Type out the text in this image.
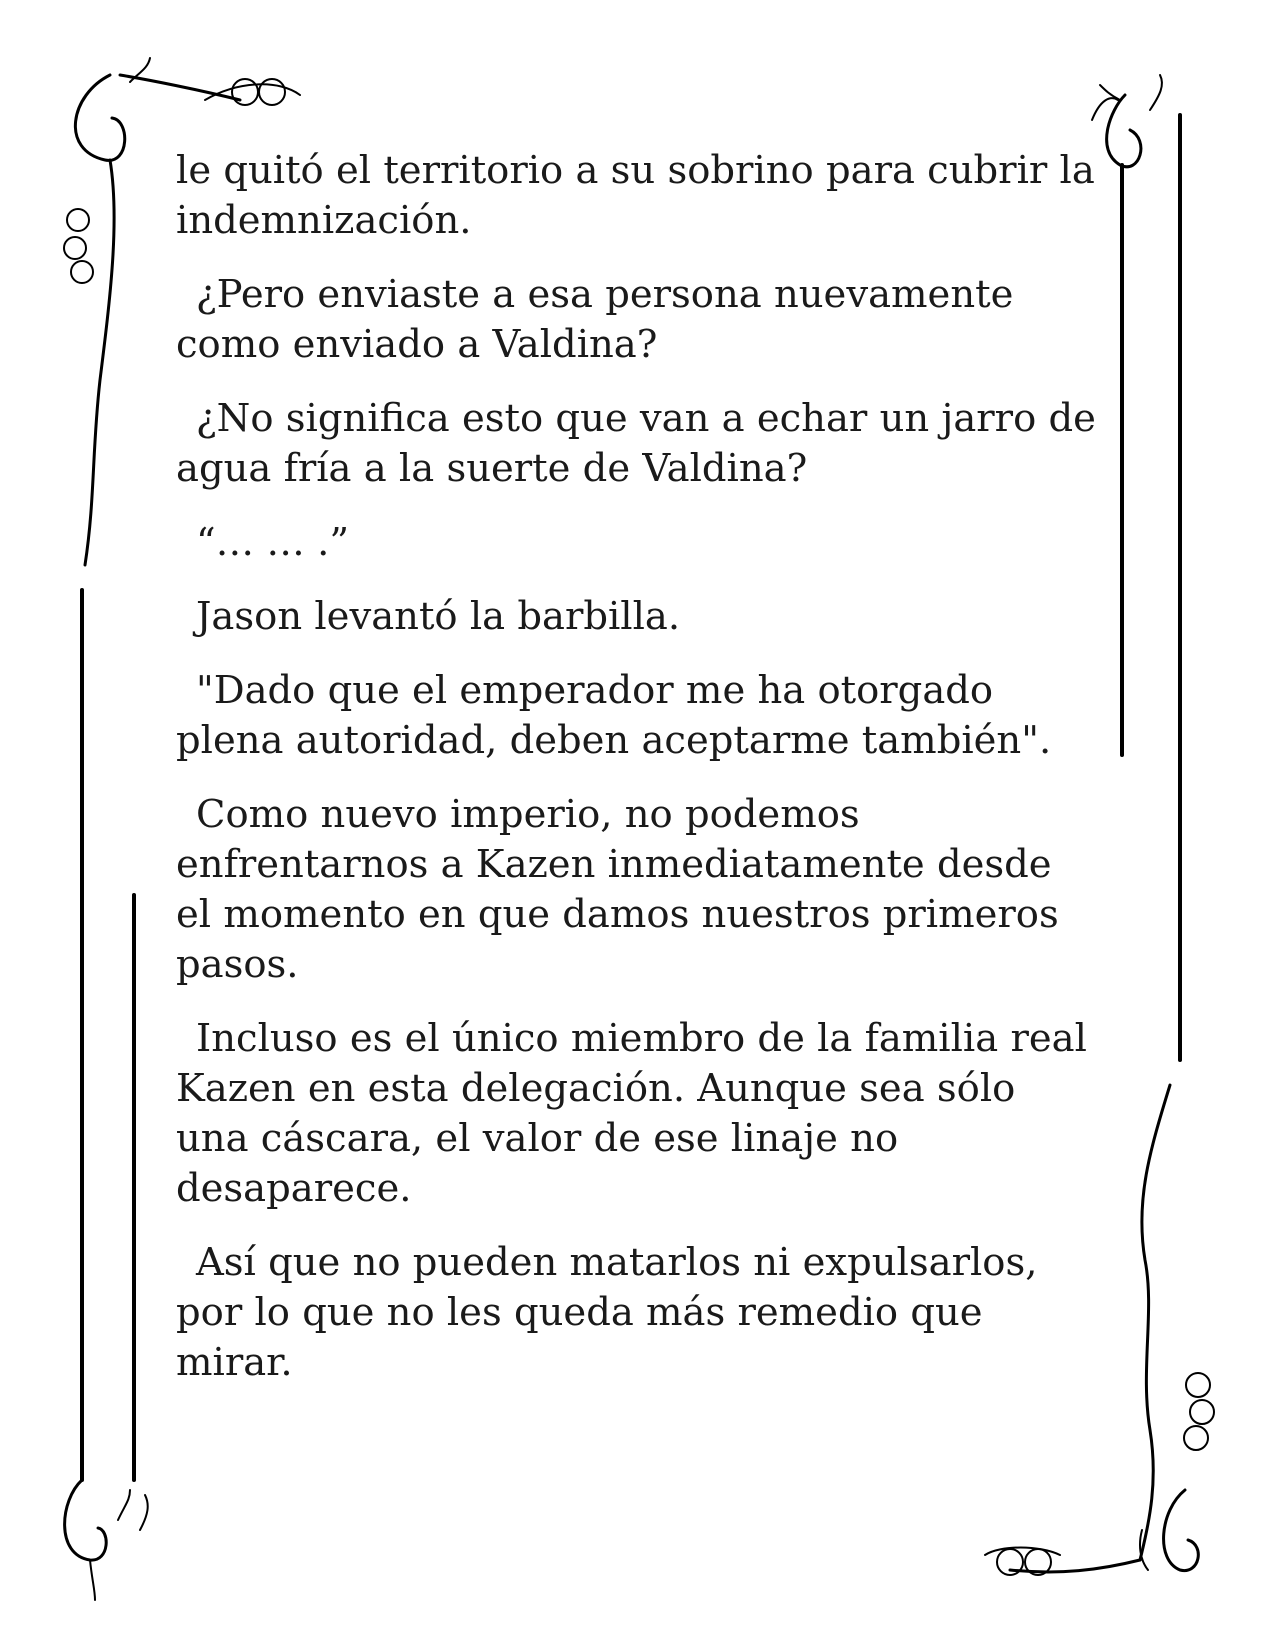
le quitó el territorio a su sobrino para cubrir la indemnización.

¿Pero enviaste a esa persona nuevamente como enviado a Valdina?

¿No significa esto que van a echar un jarro de agua fría a la suerte de Valdina?

“… … .”

Jason levantó la barbilla.

"Dado que el emperador me ha otorgado plena autoridad, deben aceptarme también".

Como nuevo imperio, no podemos enfrentarnos a Kazen inmediatamente desde el momento en que damos nuestros primeros pasos.

Incluso es el único miembro de la familia real Kazen en esta delegación. Aunque sea sólo una cáscara, el valor de ese linaje no desaparece.

Así que no pueden matarlos ni expulsarlos, por lo que no les queda más remedio que mirar.
